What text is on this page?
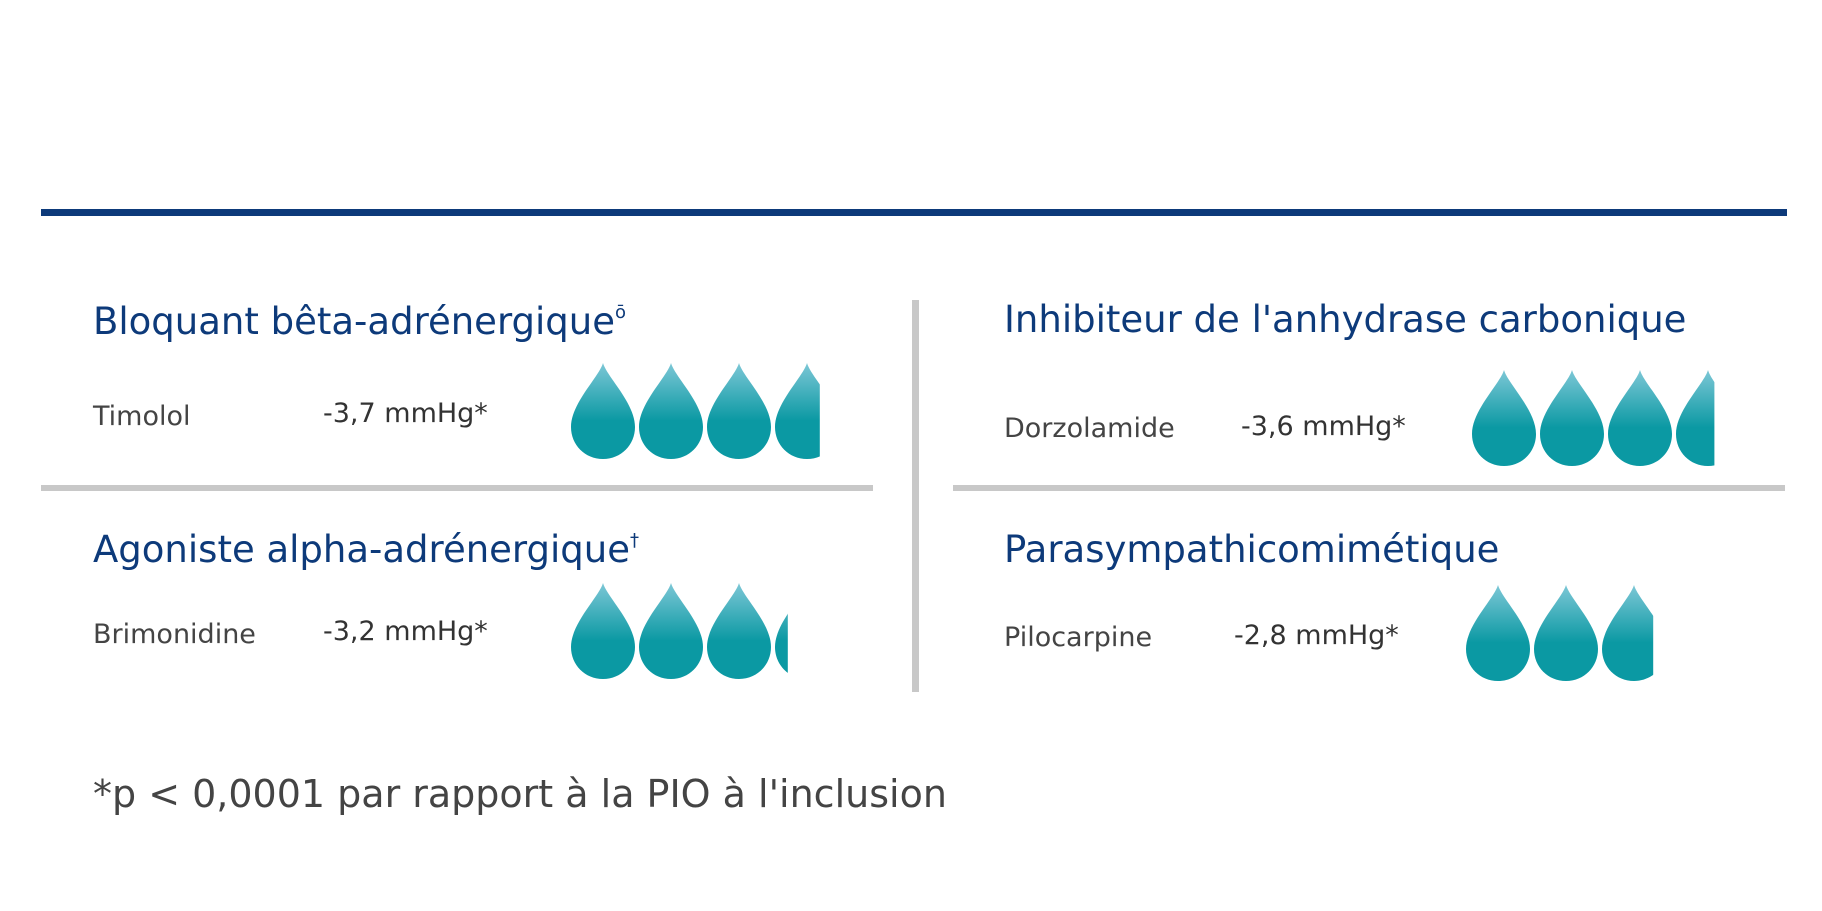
Bloquant bêta-adrénergique$^ō$
Timolol	-3,7 mmHg*
Inhibiteur de l'anhydrase carbonique
Dorzolamide -3,6 mmHg*
Agoniste alpha-adrénergique†
Brimonidine -3,2 mmHg*
Parasympathicomimétique
Pilocarpine	-2,8 mmHg*
*p < 0,0001 par rapport à la PIO à l'inclusion
